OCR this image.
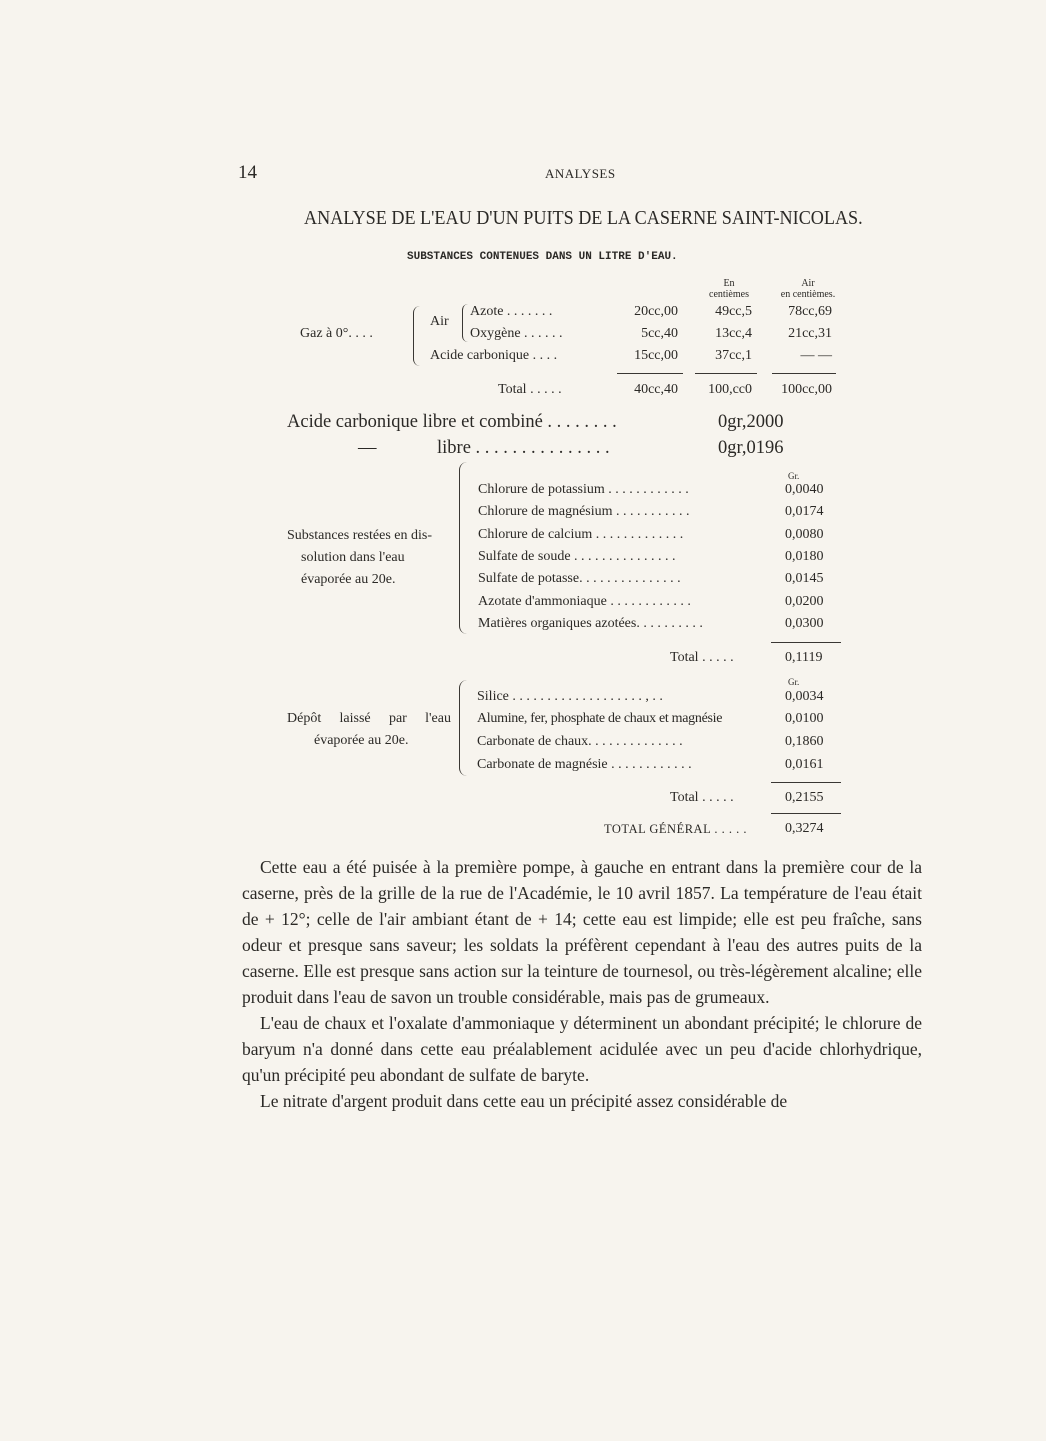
14	ANALYSES
ANALYSE DE L'EAU D'UN PUITS DE LA CASERNE SAINT-NICOLAS.
SUBSTANCES CONTENUES DANS UN LITRE D'EAU.
En
centièmes
Air
en centièmes.
Gaz à 0°. . . .
Air
Azote . . . . . . .	20cc,00	49cc,5	78cc,69
Oxygène . . . . . .	5cc,40	13cc,4	21cc,31
Acide carbonique . . . .	15cc,00	37cc,1	— —
Total . . . . .	40cc,40	100,cc0	100cc,00
Acide carbonique libre et combiné . . . . . . . .	0gr,2000
—	libre . . . . . . . . . . . . . . .	0gr,0196
Substances restées en dis-
solution dans l'eau
évaporée au 20e.
Gr.
Chlorure de potassium . . . . . . . . . . . .	0,0040
Chlorure de magnésium . . . . . . . . . . .	0,0174
Chlorure de calcium . . . . . . . . . . . . .	0,0080
Sulfate de soude . . . . . . . . . . . . . . .	0,0180
Sulfate de potasse. . . . . . . . . . . . . . .	0,0145
Azotate d'ammoniaque . . . . . . . . . . . .	0,0200
Matières organiques azotées. . . . . . . . . .	0,0300
Total . . . . .	0,1119
Dépôt laissé par l'eau
évaporée au 20e.
Gr.
Silice . . . . . . . . . . . . . . . . . . . , . .	0,0034
Alumine, fer, phosphate de chaux et magnésie	0,0100
Carbonate de chaux. . . . . . . . . . . . . .	0,1860
Carbonate de magnésie . . . . . . . . . . . .	0,0161
Total . . . . .	0,2155
TOTAL GÉNÉRAL . . . . .	0,3274

Cette eau a été puisée à la première pompe, à gauche en entrant dans la première cour de la caserne, près de la grille de la rue de l'Académie, le 10 avril 1857. La température de l'eau était de + 12°; celle de l'air ambiant étant de + 14; cette eau est limpide; elle est peu fraîche, sans odeur et presque sans saveur; les soldats la préfèrent cependant à l'eau des autres puits de la caserne. Elle est presque sans action sur la teinture de tournesol, ou très-légèrement alcaline; elle produit dans l'eau de savon un trouble considérable, mais pas de grumeaux.

L'eau de chaux et l'oxalate d'ammoniaque y déterminent un abondant précipité; le chlorure de baryum n'a donné dans cette eau préalablement acidulée avec un peu d'acide chlorhydrique, qu'un précipité peu abondant de sulfate de baryte.

Le nitrate d'argent produit dans cette eau un précipité assez considérable de
